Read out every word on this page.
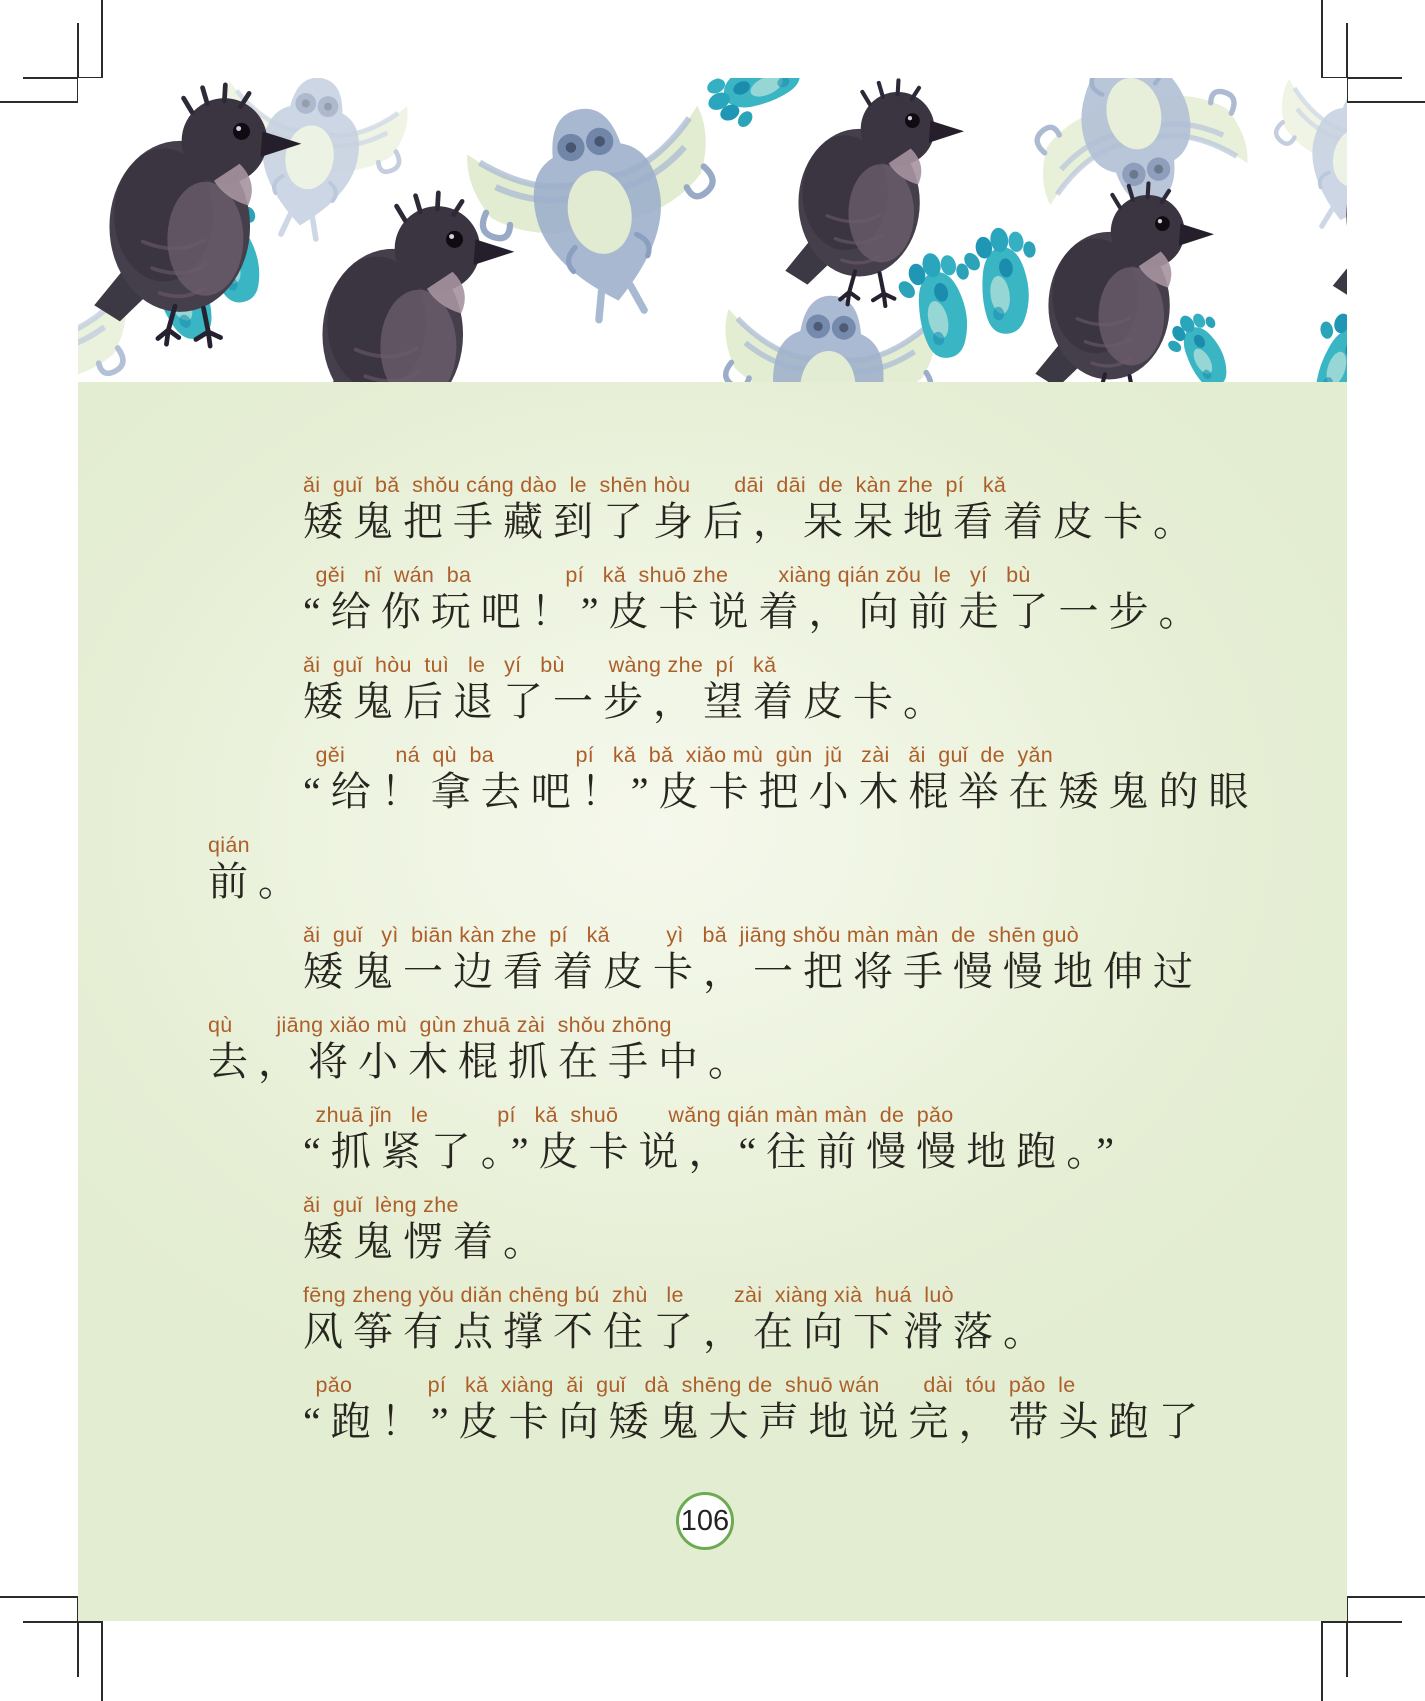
ǎi  guǐ  bǎ  shǒu cáng dào  le  shēn hòu       dāi  dāi  de  kàn zhe  pí   kǎ
矮鬼把手藏到了身后，呆呆地看着皮卡。
gěi   nǐ  wán  ba               pí   kǎ  shuō zhe        xiàng qián zǒu  le   yí   bù
“给你玩吧！”皮卡说着，向前走了一步。
ǎi  guǐ  hòu  tuì   le   yí   bù       wàng zhe  pí   kǎ
矮鬼后退了一步，望着皮卡。
gěi        ná  qù  ba             pí   kǎ  bǎ  xiǎo mù  gùn  jǔ   zài   ǎi  guǐ  de  yǎn
“给！拿去吧！”皮卡把小木棍举在矮鬼的眼
qián
前。
ǎi  guǐ   yì  biān kàn zhe  pí   kǎ         yì   bǎ  jiāng shǒu màn màn  de  shēn guò
矮鬼一边看着皮卡，一把将手慢慢地伸过
qù       jiāng xiǎo mù  gùn zhuā zài  shǒu zhōng
去，将小木棍抓在手中。
zhuā jǐn   le           pí   kǎ  shuō        wǎng qián màn màn  de  pǎo
“抓紧了。”皮卡说，“往前慢慢地跑。”
ǎi  guǐ  lèng zhe
矮鬼愣着。
fēng zheng yǒu diǎn chēng bú  zhù   le        zài  xiàng xià  huá  luò
风筝有点撑不住了，在向下滑落。
pǎo            pí   kǎ  xiàng  ǎi  guǐ   dà  shēng de  shuō wán       dài  tóu  pǎo  le
“跑！”皮卡向矮鬼大声地说完，带头跑了
106
